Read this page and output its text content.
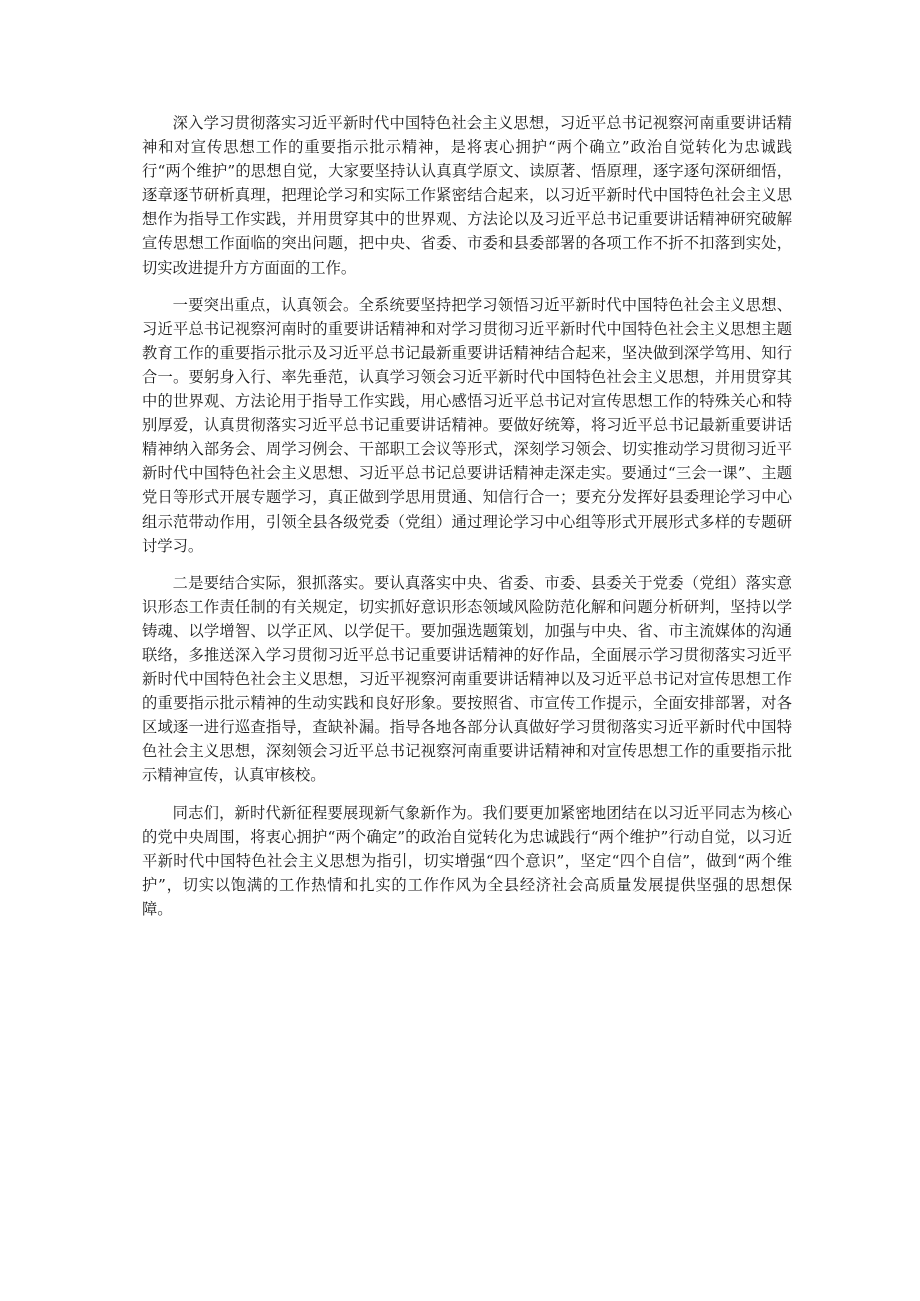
深入学习贯彻落实习近平新时代中国特色社会主义思想，习近平总书记视察河南重要讲话精神和对宣传思想工作的重要指示批示精神，是将衷心拥护“两个确立”政治自觉转化为忠诚践行“两个维护”的思想自觉，大家要坚持认认真真学原文、读原著、悟原理，逐字逐句深研细悟，逐章逐节研析真理，把理论学习和实际工作紧密结合起来，以习近平新时代中国特色社会主义思想作为指导工作实践，并用贯穿其中的世界观、方法论以及习近平总书记重要讲话精神研究破解宣传思想工作面临的突出问题，把中央、省委、市委和县委部署的各项工作不折不扣落到实处，切实改进提升方方面面的工作。

一要突出重点，认真领会。全系统要坚持把学习领悟习近平新时代中国特色社会主义思想、习近平总书记视察河南时的重要讲话精神和对学习贯彻习近平新时代中国特色社会主义思想主题教育工作的重要指示批示及习近平总书记最新重要讲话精神结合起来，坚决做到深学笃用、知行合一。要躬身入行、率先垂范，认真学习领会习近平新时代中国特色社会主义思想，并用贯穿其中的世界观、方法论用于指导工作实践，用心感悟习近平总书记对宣传思想工作的特殊关心和特别厚爱，认真贯彻落实习近平总书记重要讲话精神。要做好统筹，将习近平总书记最新重要讲话精神纳入部务会、周学习例会、干部职工会议等形式，深刻学习领会、切实推动学习贯彻习近平新时代中国特色社会主义思想、习近平总书记总要讲话精神走深走实。要通过“三会一课”、主题党日等形式开展专题学习，真正做到学思用贯通、知信行合一；要充分发挥好县委理论学习中心组示范带动作用，引领全县各级党委（党组）通过理论学习中心组等形式开展形式多样的专题研讨学习。

二是要结合实际，狠抓落实。要认真落实中央、省委、市委、县委关于党委（党组）落实意识形态工作责任制的有关规定，切实抓好意识形态领域风险防范化解和问题分析研判，坚持以学铸魂、以学增智、以学正风、以学促干。要加强选题策划，加强与中央、省、市主流媒体的沟通联络，多推送深入学习贯彻习近平总书记重要讲话精神的好作品，全面展示学习贯彻落实习近平新时代中国特色社会主义思想，习近平视察河南重要讲话精神以及习近平总书记对宣传思想工作的重要指示批示精神的生动实践和良好形象。要按照省、市宣传工作提示，全面安排部署，对各区域逐一进行巡查指导，查缺补漏。指导各地各部分认真做好学习贯彻落实习近平新时代中国特色社会主义思想，深刻领会习近平总书记视察河南重要讲话精神和对宣传思想工作的重要指示批示精神宣传，认真审核校。

同志们，新时代新征程要展现新气象新作为。我们要更加紧密地团结在以习近平同志为核心的党中央周围，将衷心拥护“两个确定”的政治自觉转化为忠诚践行“两个维护”行动自觉，以习近平新时代中国特色社会主义思想为指引，切实增强“四个意识”，坚定“四个自信”，做到“两个维护”，切实以饱满的工作热情和扎实的工作作风为全县经济社会高质量发展提供坚强的思想保障。
